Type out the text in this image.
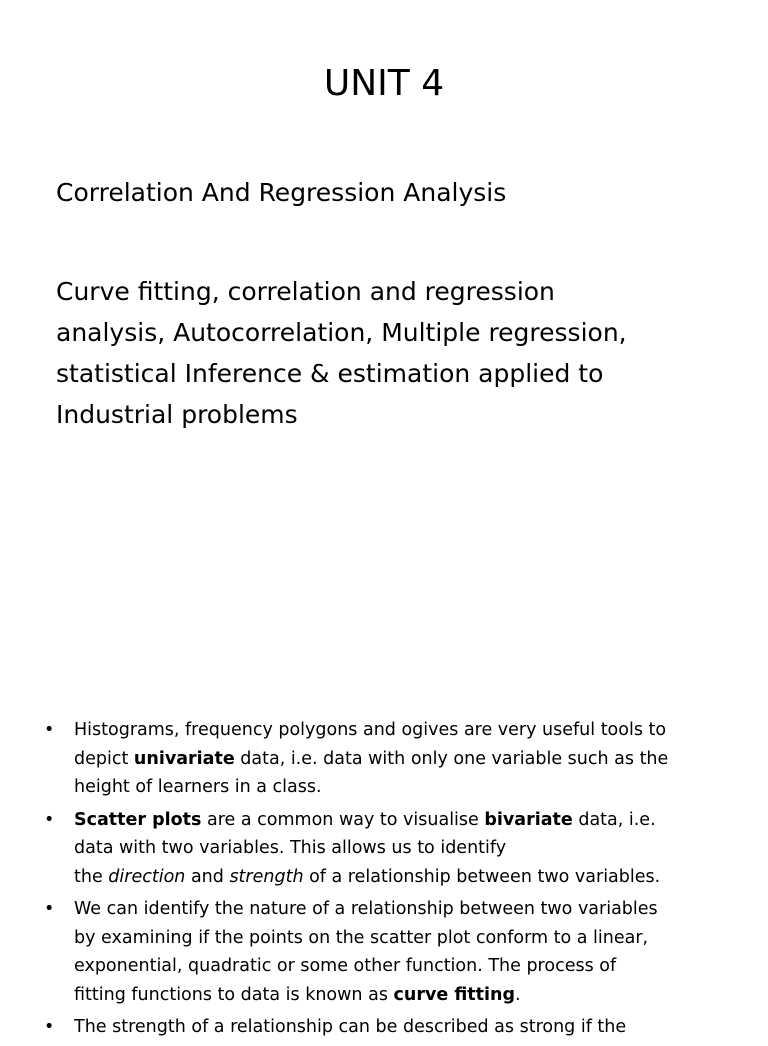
UNIT 4

Correlation And Regression Analysis

Curve fitting, correlation and regression
analysis, Autocorrelation, Multiple regression,
statistical Inference & estimation applied to
Industrial problems

• Histograms, frequency polygons and ogives are very useful tools to
depict univariate data, i.e. data with only one variable such as the
height of learners in a class.
• Scatter plots are a common way to visualise bivariate data, i.e.
data with two variables. This allows us to identify
the direction and strength of a relationship between two variables.
• We can identify the nature of a relationship between two variables
by examining if the points on the scatter plot conform to a linear,
exponential, quadratic or some other function. The process of
fitting functions to data is known as curve fitting.
• The strength of a relationship can be described as strong if the
